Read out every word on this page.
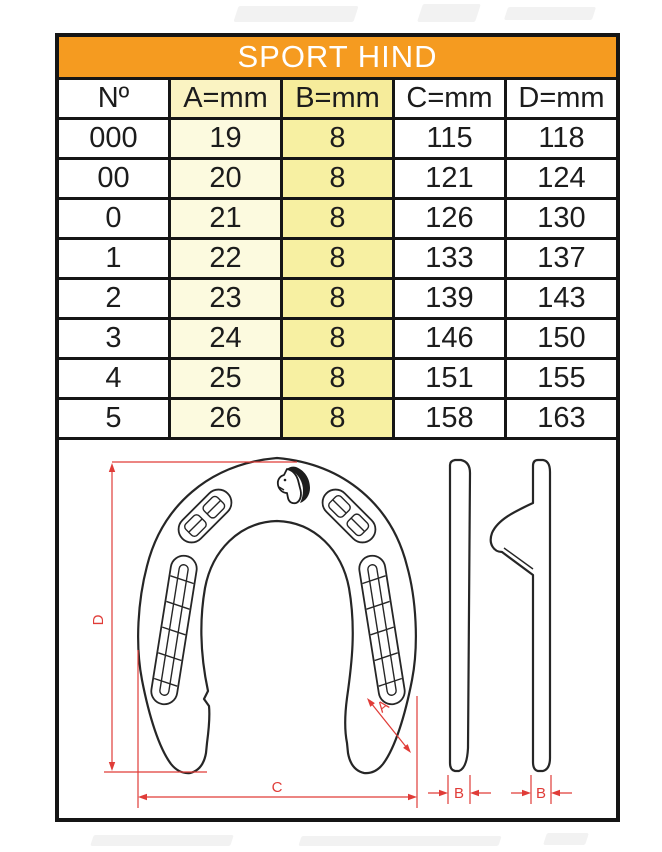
SPORT HIND
Nº	A=mm B=mm C=mm D=mm
000	19	8	115	118
00	20	8	121	124
0	21	8	126	130
1	22	8	133	137
2	23	8	139	143
3	24	8	146	150
4	25	8	151	155
5	26	8	158	163
D
C
A
B	B
